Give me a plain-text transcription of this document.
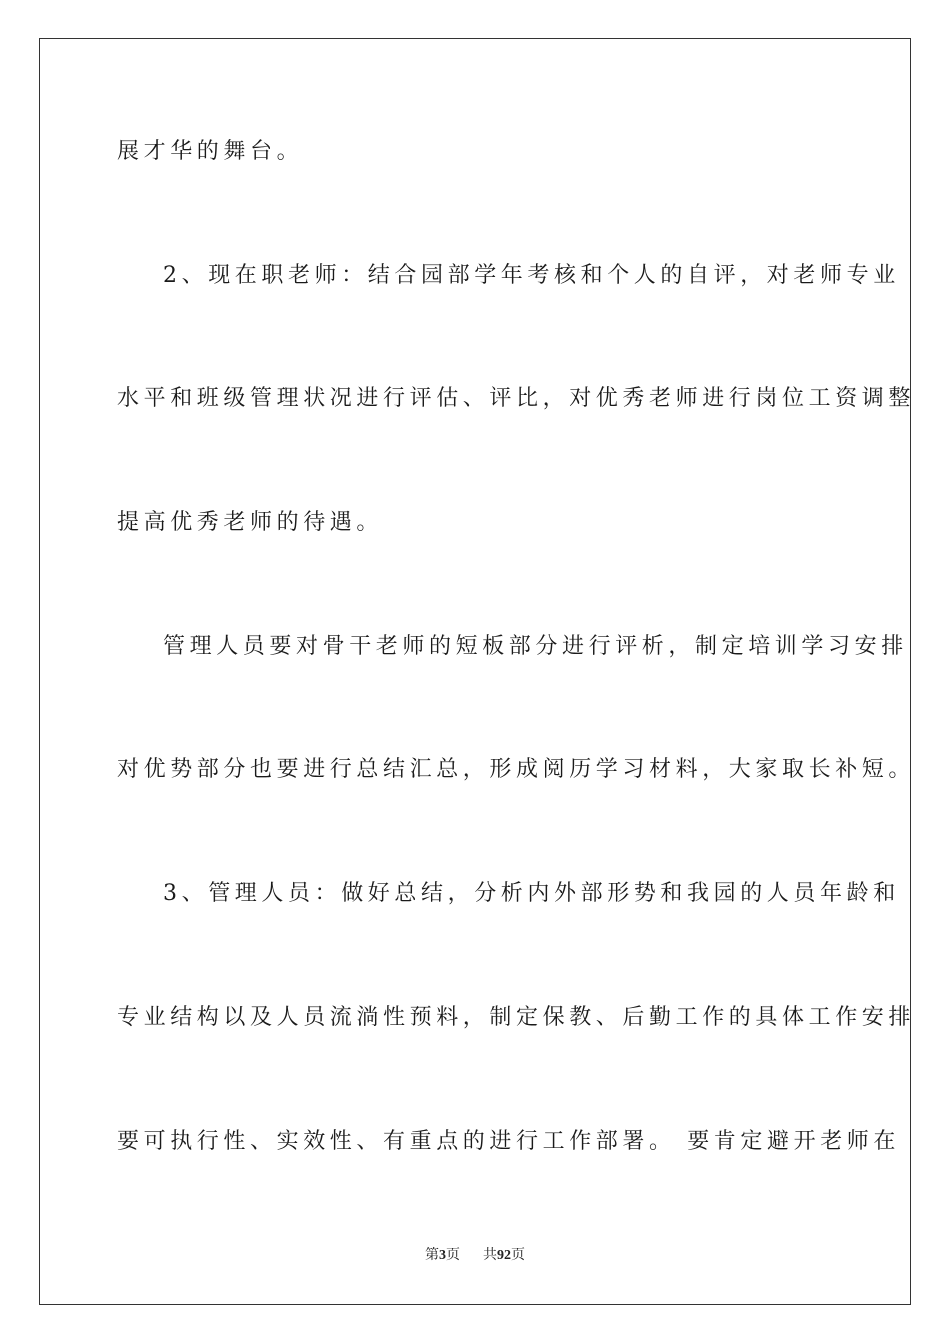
展才华的舞台。
2、现在职老师：结合园部学年考核和个人的自评，对老师专业
水平和班级管理状况进行评估、评比，对优秀老师进行岗位工资调整
提高优秀老师的待遇。
管理人员要对骨干老师的短板部分进行评析，制定培训学习安排
对优势部分也要进行总结汇总，形成阅历学习材料，大家取长补短。
3、管理人员：做好总结，分析内外部形势和我园的人员年龄和
专业结构以及人员流淌性预料，制定保教、后勤工作的具体工作安排
要可执行性、实效性、有重点的进行工作部署。 要肯定避开老师在
第3页 共92页
